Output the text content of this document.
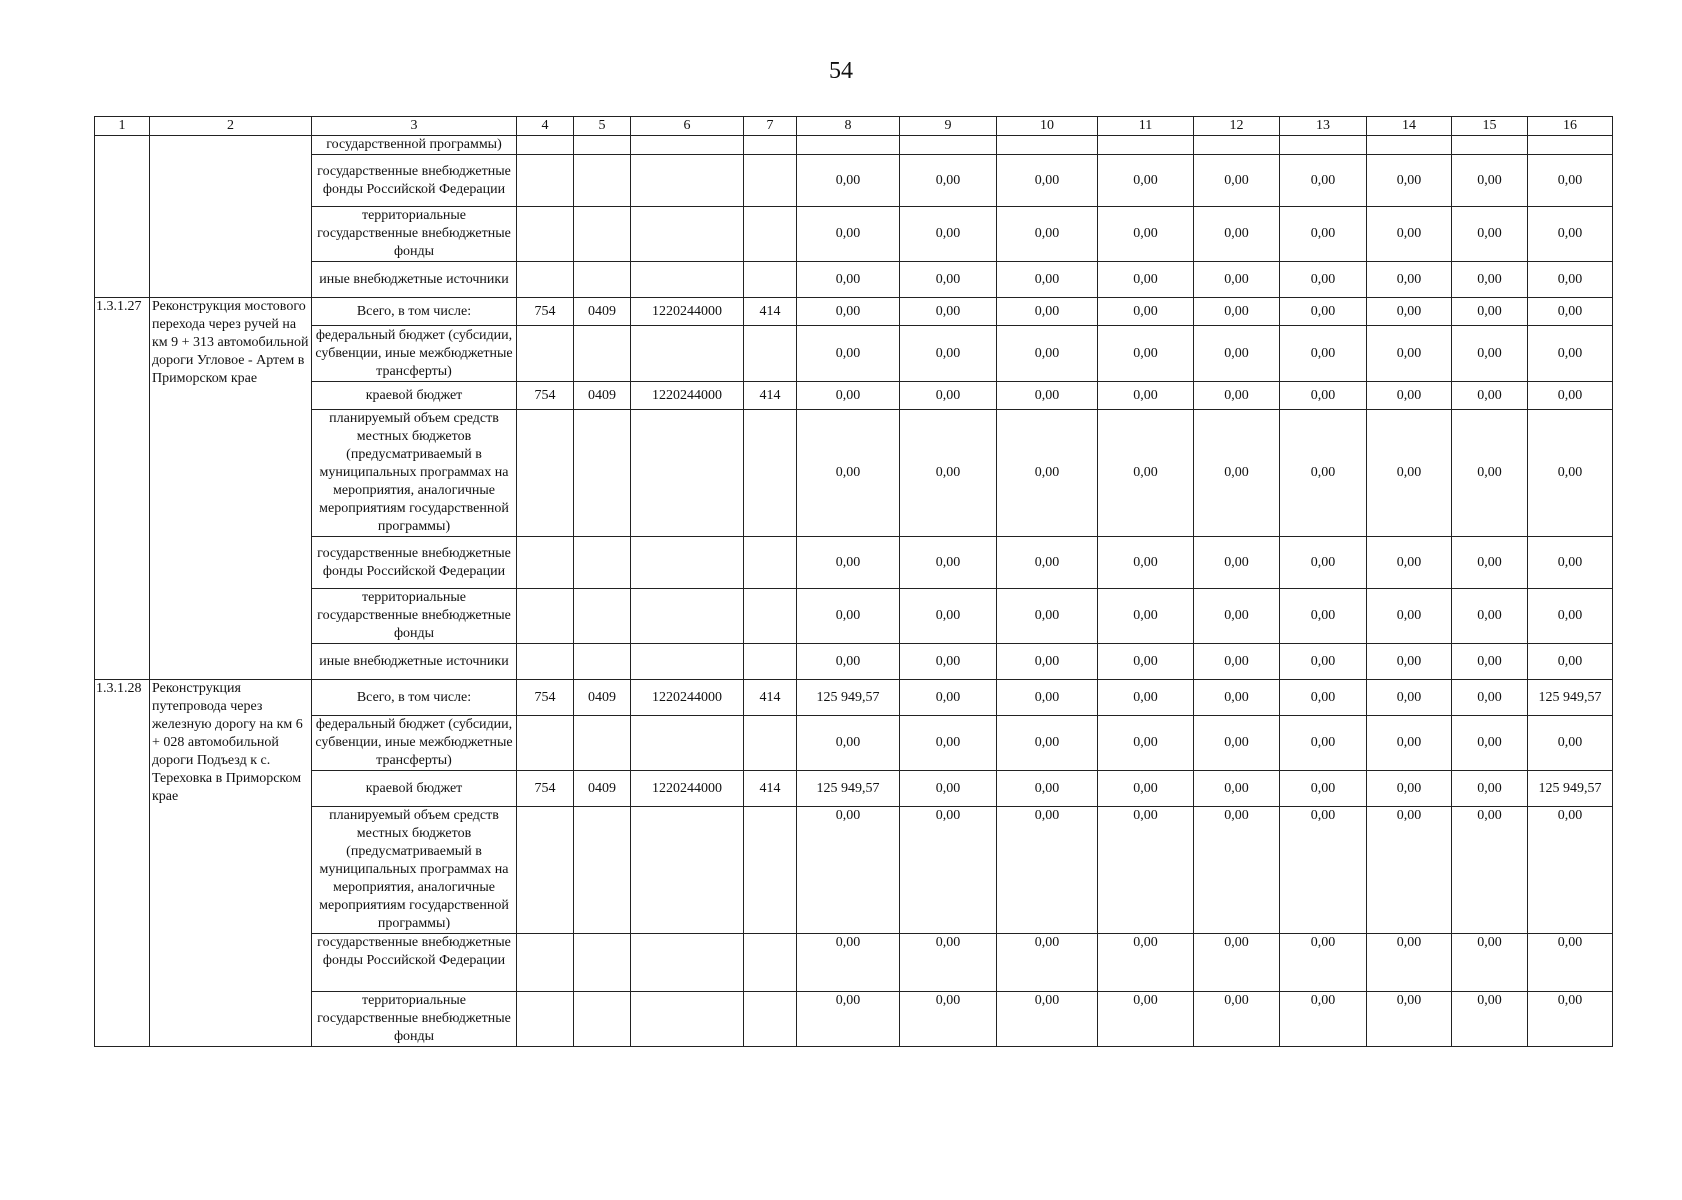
54
1	2	3	4	5	6	7	8	9	10	11	12	13	14	15	16
		государственной программы)													
		государственные внебюджетные фонды Российской Федерации					0,00	0,00	0,00	0,00	0,00	0,00	0,00	0,00	0,00
		территориальные государственные внебюджетные фонды					0,00	0,00	0,00	0,00	0,00	0,00	0,00	0,00	0,00
		иные внебюджетные источники					0,00	0,00	0,00	0,00	0,00	0,00	0,00	0,00	0,00
1.3.1.27	Реконструкция мостового перехода через ручей на км 9 + 313 автомобильной дороги Угловое - Артем в Приморском крае	Всего, в том числе:	754	0409	1220244000	414	0,00	0,00	0,00	0,00	0,00	0,00	0,00	0,00	0,00
		федеральный бюджет (субсидии, субвенции, иные межбюджетные трансферты)					0,00	0,00	0,00	0,00	0,00	0,00	0,00	0,00	0,00
		краевой бюджет	754	0409	1220244000	414	0,00	0,00	0,00	0,00	0,00	0,00	0,00	0,00	0,00
		планируемый объем средств местных бюджетов (предусматриваемый в муниципальных программах на мероприятия, аналогичные мероприятиям государственной программы)					0,00	0,00	0,00	0,00	0,00	0,00	0,00	0,00	0,00
		государственные внебюджетные фонды Российской Федерации					0,00	0,00	0,00	0,00	0,00	0,00	0,00	0,00	0,00
		территориальные государственные внебюджетные фонды					0,00	0,00	0,00	0,00	0,00	0,00	0,00	0,00	0,00
		иные внебюджетные источники					0,00	0,00	0,00	0,00	0,00	0,00	0,00	0,00	0,00
1.3.1.28	Реконструкция путепровода через железную дорогу на км 6 + 028 автомобильной дороги Подъезд к с. Тереховка в Приморском крае	Всего, в том числе:	754	0409	1220244000	414	125 949,57	0,00	0,00	0,00	0,00	0,00	0,00	0,00	125 949,57
		федеральный бюджет (субсидии, субвенции, иные межбюджетные трансферты)					0,00	0,00	0,00	0,00	0,00	0,00	0,00	0,00	0,00
		краевой бюджет	754	0409	1220244000	414	125 949,57	0,00	0,00	0,00	0,00	0,00	0,00	0,00	125 949,57
		планируемый объем средств местных бюджетов (предусматриваемый в муниципальных программах на мероприятия, аналогичные мероприятиям государственной программы)					0,00	0,00	0,00	0,00	0,00	0,00	0,00	0,00	0,00
		государственные внебюджетные фонды Российской Федерации					0,00	0,00	0,00	0,00	0,00	0,00	0,00	0,00	0,00
		территориальные государственные внебюджетные фонды					0,00	0,00	0,00	0,00	0,00	0,00	0,00	0,00	0,00
